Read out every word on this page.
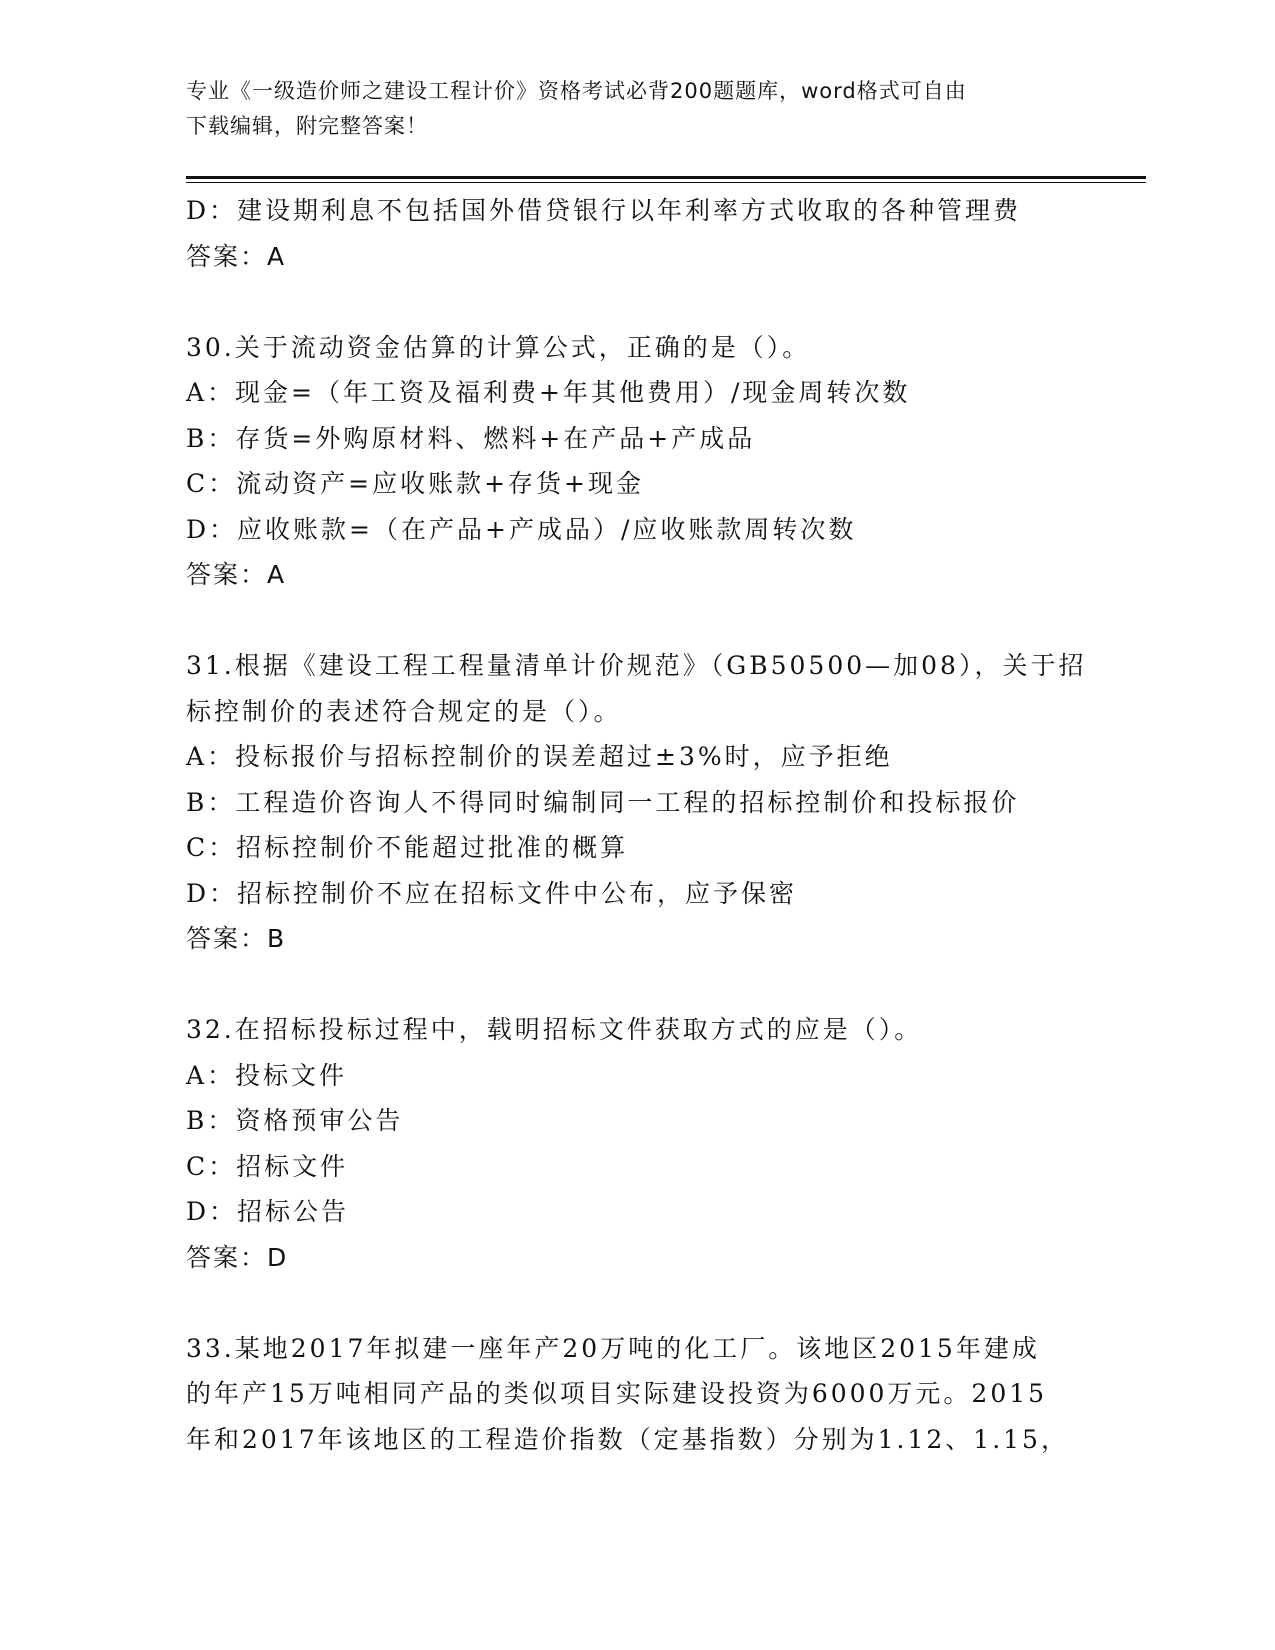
专业《一级造价师之建设工程计价》资格考试必背200题题库，word格式可自由
下载编辑，附完整答案！
D：建设期利息不包括国外借贷银行以年利率方式收取的各种管理费
答案：A
30.关于流动资金估算的计算公式，正确的是（）。
A：现金=（年工资及福利费+年其他费用）/现金周转次数
B：存货=外购原材料、燃料+在产品+产成品
C：流动资产=应收账款+存货+现金
D：应收账款=（在产品+产成品）/应收账款周转次数
答案：A
31.根据《建设工程工程量清单计价规范》（GB50500—加08），关于招
标控制价的表述符合规定的是（）。
A：投标报价与招标控制价的误差超过±3%时，应予拒绝
B：工程造价咨询人不得同时编制同一工程的招标控制价和投标报价
C：招标控制价不能超过批准的概算
D：招标控制价不应在招标文件中公布，应予保密
答案：B
32.在招标投标过程中，载明招标文件获取方式的应是（）。
A：投标文件
B：资格预审公告
C：招标文件
D：招标公告
答案：D
33.某地2017年拟建一座年产20万吨的化工厂。该地区2015年建成
的年产15万吨相同产品的类似项目实际建设投资为6000万元。2015
年和2017年该地区的工程造价指数（定基指数）分别为1.12、1.15，
